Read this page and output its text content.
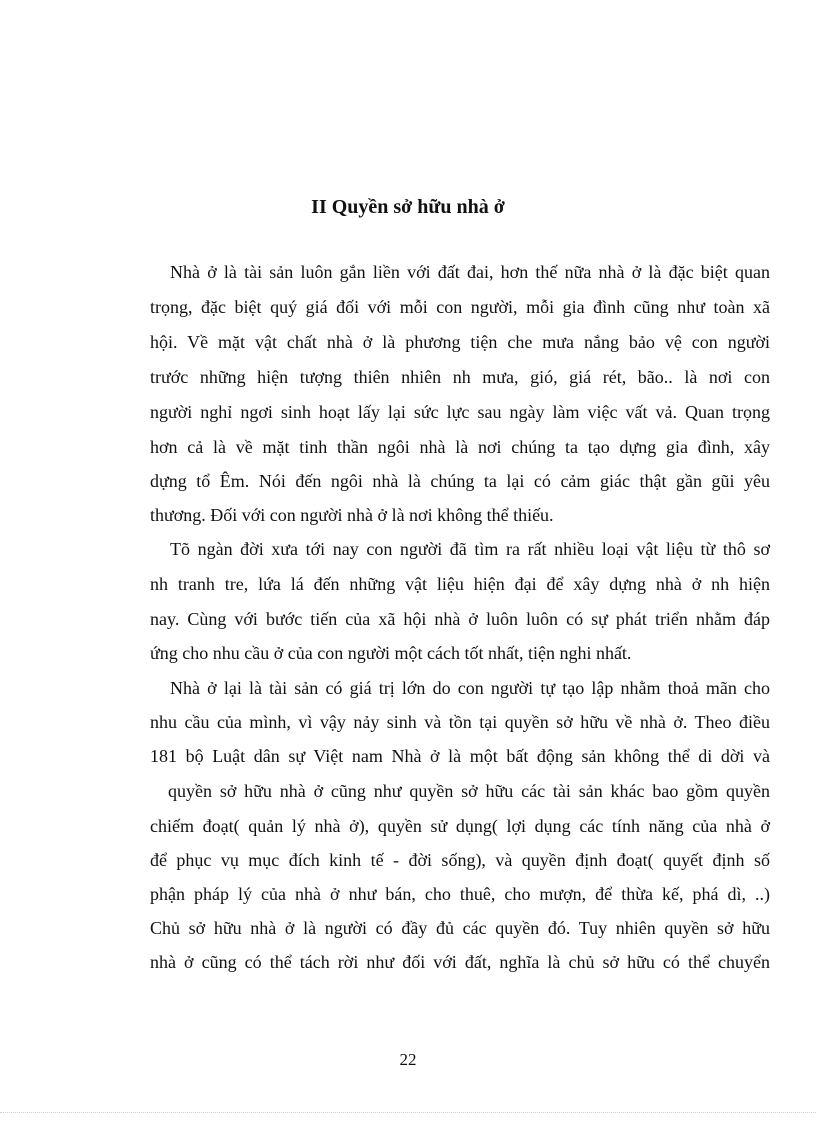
II Quyền sở hữu nhà ở

Nhà ở là tài sản luôn gắn liền với đất đai, hơn thế nữa nhà ở là đặc biệt quan

trọng, đặc biệt quý giá đối với mỗi con người, mỗi gia đình cũng như toàn xã

hội. Về mặt vật chất nhà ở là phương tiện che mưa nắng bảo vệ con người

trước những hiện tượng thiên nhiên nh mưa, gió, giá rét, bão.. là nơi con

người nghỉ ngơi sinh hoạt lấy lại sức lực sau ngày làm việc vất vả. Quan trọng

hơn cả là về mặt tinh thần ngôi nhà là nơi chúng ta tạo dựng gia đình, xây

dựng tổ Êm. Nói đến ngôi nhà là chúng ta lại có cảm giác thật gần gũi yêu

thương. Đối với con người nhà ở là nơi không thể thiếu.

Tõ ngàn đời xưa tới nay con người đã tìm ra rất nhiều loại vật liệu từ thô sơ

nh tranh tre, lứa lá đến những vật liệu hiện đại để xây dựng nhà ở nh hiện

nay. Cùng với bước tiến của xã hội nhà ở luôn luôn có sự phát triển nhằm đáp

ứng cho nhu cầu ở của con người một cách tốt nhất, tiện nghi nhất.

Nhà ở lại là tài sản có giá trị lớn do con người tự tạo lập nhằm thoả mãn cho

nhu cầu của mình, vì vậy nảy sinh và tồn tại quyền sở hữu về nhà ở. Theo điều

181 bộ Luật dân sự Việt nam Nhà ở là một bất động sản không thể di dời và

quyền sở hữu nhà ở cũng như quyền sở hữu các tài sản khác bao gồm quyền

chiếm đoạt( quản lý nhà ở), quyền sử dụng( lợi dụng các tính năng của nhà ở

để phục vụ mục đích kinh tế - đời sống), và quyền định đoạt( quyết định số

phận pháp lý của nhà ở như bán, cho thuê, cho mượn, để thừa kế, phá dì, ..)

Chủ sở hữu nhà ở là người có đầy đủ các quyền đó. Tuy nhiên quyền sở hữu

nhà ở cũng có thể tách rời như đối với đất, nghĩa là chủ sở hữu có thể chuyển

22
